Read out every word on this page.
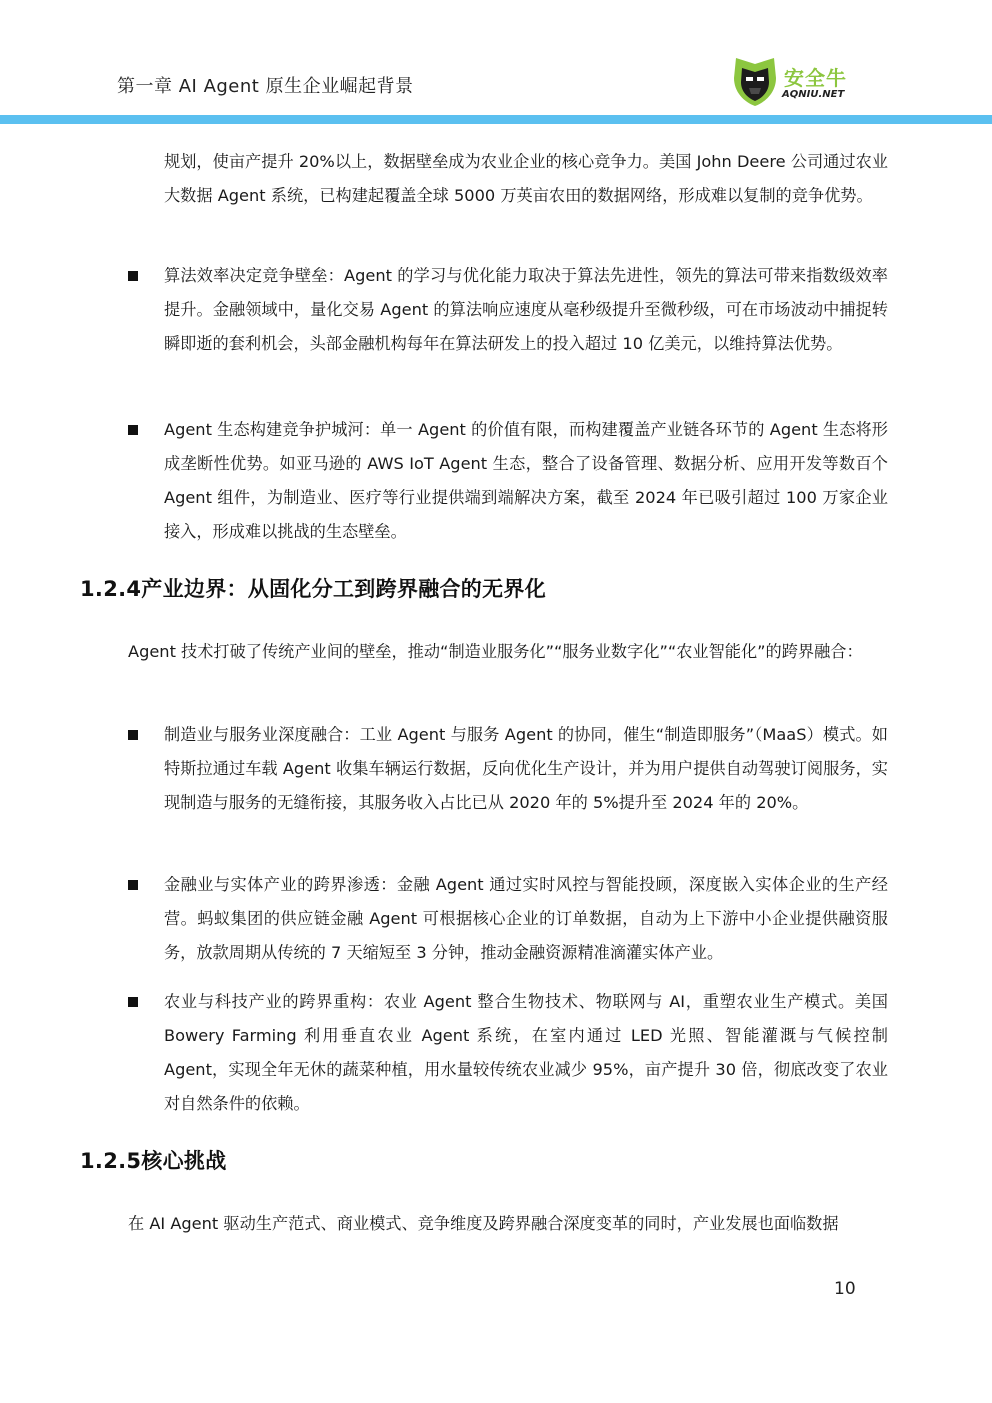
第一章 AI Agent 原生企业崛起背景	安全牛
AQNIU.NET
规划，使亩产提升 20%以上，数据壁垒成为农业企业的核心竞争力。美国 John Deere 公司通过农业大数据 Agent 系统，已构建起覆盖全球 5000 万英亩农田的数据网络，形成难以复制的竞争优势。
算法效率决定竞争壁垒：Agent 的学习与优化能力取决于算法先进性，领先的算法可带来指数级效率提升。金融领域中，量化交易 Agent 的算法响应速度从毫秒级提升至微秒级，可在市场波动中捕捉转瞬即逝的套利机会，头部金融机构每年在算法研发上的投入超过 10 亿美元，以维持算法优势。
Agent 生态构建竞争护城河：单一 Agent 的价值有限，而构建覆盖产业链各环节的 Agent 生态将形成垄断性优势。如亚马逊的 AWS IoT Agent 生态，整合了设备管理、数据分析、应用开发等数百个 Agent 组件，为制造业、医疗等行业提供端到端解决方案，截至 2024 年已吸引超过 100 万家企业接入，形成难以挑战的生态壁垒。
1.2.4产业边界：从固化分工到跨界融合的无界化
Agent 技术打破了传统产业间的壁垒，推动“制造业服务化”“服务业数字化”“农业智能化”的跨界融合：
制造业与服务业深度融合：工业 Agent 与服务 Agent 的协同，催生“制造即服务”（MaaS）模式。如特斯拉通过车载 Agent 收集车辆运行数据，反向优化生产设计，并为用户提供自动驾驶订阅服务，实现制造与服务的无缝衔接，其服务收入占比已从 2020 年的 5%提升至 2024 年的 20%。
金融业与实体产业的跨界渗透：金融 Agent 通过实时风控与智能投顾，深度嵌入实体企业的生产经营。蚂蚁集团的供应链金融 Agent 可根据核心企业的订单数据，自动为上下游中小企业提供融资服务，放款周期从传统的 7 天缩短至 3 分钟，推动金融资源精准滴灌实体产业。
农业与科技产业的跨界重构：农业 Agent 整合生物技术、物联网与 AI，重塑农业生产模式。美国 Bowery Farming 利用垂直农业 Agent 系统，在室内通过 LED 光照、智能灌溉与气候控制 Agent，实现全年无休的蔬菜种植，用水量较传统农业减少 95%，亩产提升 30 倍，彻底改变了农业对自然条件的依赖。
1.2.5核心挑战
在 AI Agent 驱动生产范式、商业模式、竞争维度及跨界融合深度变革的同时，产业发展也面临数据
10
